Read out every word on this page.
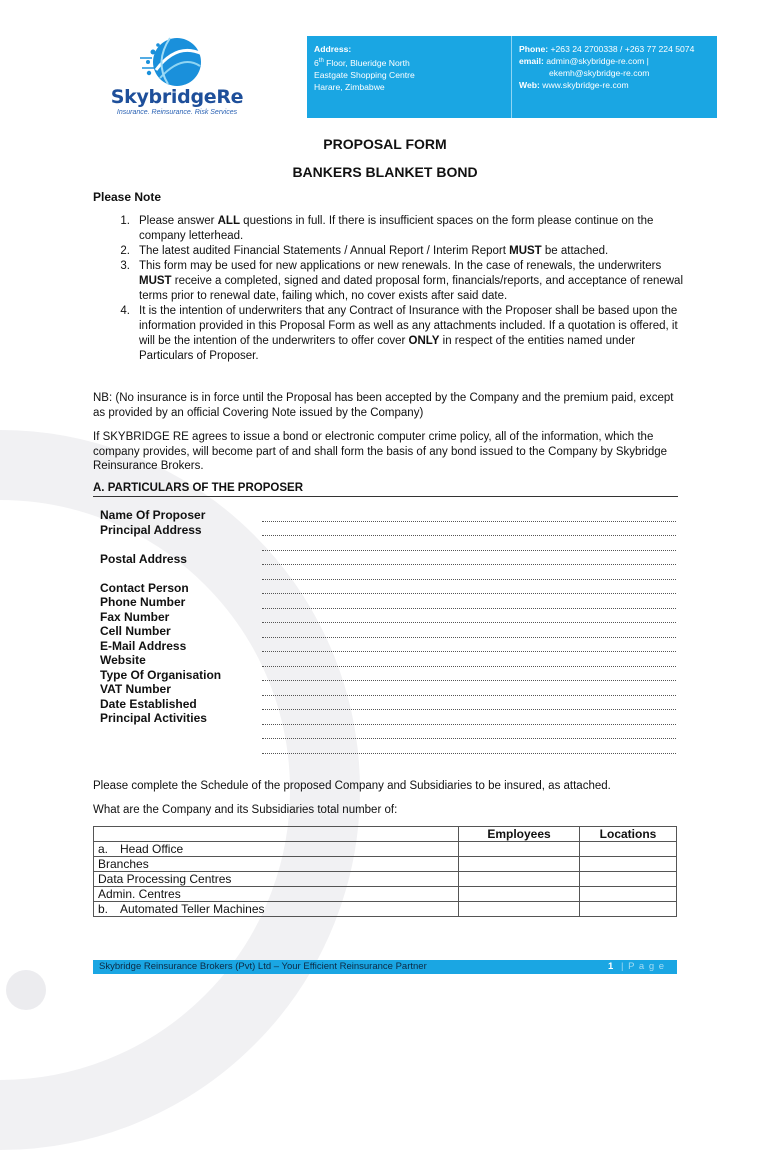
SkybridgeRe
Insurance. Reinsurance. Risk Services
Address:
6th Floor, Blueridge North
Eastgate Shopping Centre
Harare, Zimbabwe
Phone: +263 24 2700338 / +263 77 224 5074
email: admin@skybridge-re.com |
ekemh@skybridge-re.com
Web: www.skybridge-re.com
PROPOSAL FORM
BANKERS BLANKET BOND
Please Note
1. Please answer ALL questions in full. If there is insufficient spaces on the form please continue on the company letterhead.
2. The latest audited Financial Statements / Annual Report / Interim Report MUST be attached.
3. This form may be used for new applications or new renewals. In the case of renewals, the underwriters MUST receive a completed, signed and dated proposal form, financials/reports, and acceptance of renewal terms prior to renewal date, failing which, no cover exists after said date.
4. It is the intention of underwriters that any Contract of Insurance with the Proposer shall be based upon the information provided in this Proposal Form as well as any attachments included. If a quotation is offered, it will be the intention of the underwriters to offer cover ONLY in respect of the entities named under Particulars of Proposer.
NB: (No insurance is in force until the Proposal has been accepted by the Company and the premium paid, except as provided by an official Covering Note issued by the Company)
If SKYBRIDGE RE agrees to issue a bond or electronic computer crime policy, all of the information, which the company provides, will become part of and shall form the basis of any bond issued to the Company by Skybridge Reinsurance Brokers.
A. PARTICULARS OF THE PROPOSER
Name Of Proposer
Principal Address
Postal Address
Contact Person
Phone Number
Fax Number
Cell Number
E-Mail Address
Website
Type Of Organisation
VAT Number
Date Established
Principal Activities
Please complete the Schedule of the proposed Company and Subsidiaries to be insured, as attached.
What are the Company and its Subsidiaries total number of:
	Employees	Locations
a. Head Office		
Branches		
Data Processing Centres		
Admin. Centres		
b. Automated Teller Machines		
Skybridge Reinsurance Brokers (Pvt) Ltd – Your Efficient Reinsurance Partner	1 | P a g e
